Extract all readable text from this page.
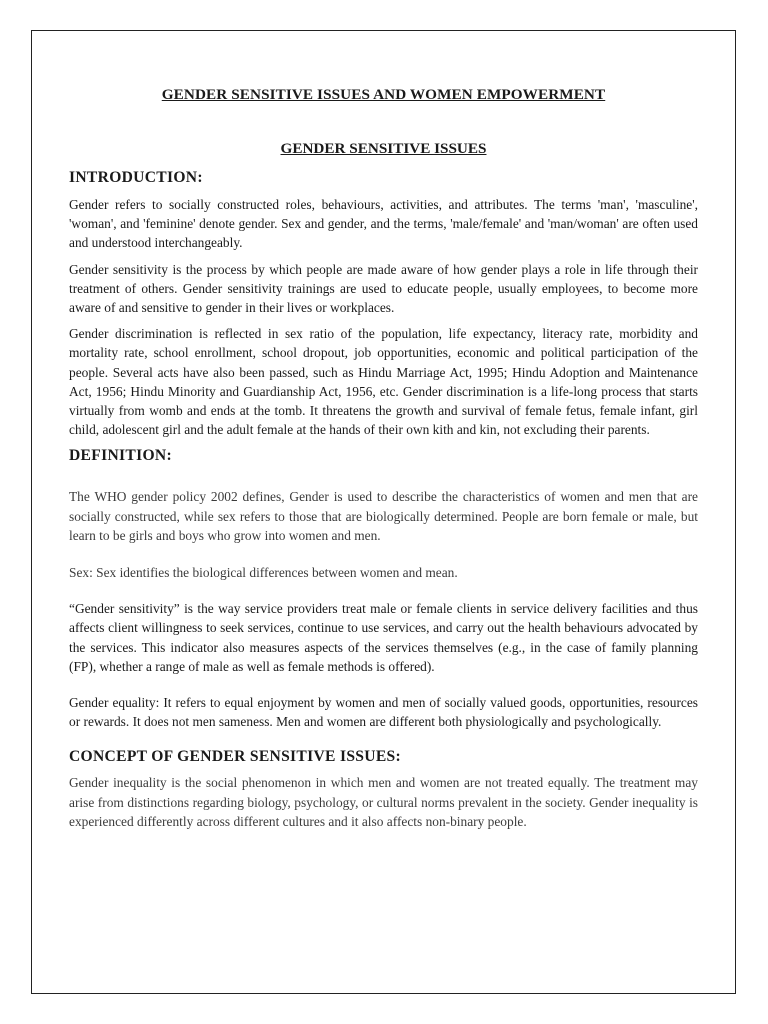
GENDER SENSITIVE ISSUES AND WOMEN EMPOWERMENT
GENDER SENSITIVE ISSUES
INTRODUCTION:

Gender refers to socially constructed roles, behaviours, activities, and attributes. The terms 'man', 'masculine', 'woman', and 'feminine' denote gender. Sex and gender, and the terms, 'male/female' and 'man/woman' are often used and understood interchangeably.

Gender sensitivity is the process by which people are made aware of how gender plays a role in life through their treatment of others. Gender sensitivity trainings are used to educate people, usually employees, to become more aware of and sensitive to gender in their lives or workplaces.

Gender discrimination is reflected in sex ratio of the population, life expectancy, literacy rate, morbidity and mortality rate, school enrollment, school dropout, job opportunities, economic and political participation of the people. Several acts have also been passed, such as Hindu Marriage Act, 1995; Hindu Adoption and Maintenance Act, 1956; Hindu Minority and Guardianship Act, 1956, etc. Gender discrimination is a life-long process that starts virtually from womb and ends at the tomb. It threatens the growth and survival of female fetus, female infant, girl child, adolescent girl and the adult female at the hands of their own kith and kin, not excluding their parents.

DEFINITION:

The WHO gender policy 2002 defines, Gender is used to describe the characteristics of women and men that are socially constructed, while sex refers to those that are biologically determined. People are born female or male, but learn to be girls and boys who grow into women and men.

Sex: Sex identifies the biological differences between women and mean.

“Gender sensitivity” is the way service providers treat male or female clients in service delivery facilities and thus affects client willingness to seek services, continue to use services, and carry out the health behaviours advocated by the services. This indicator also measures aspects of the services themselves (e.g., in the case of family planning (FP), whether a range of male as well as female methods is offered).

Gender equality: It refers to equal enjoyment by women and men of socially valued goods, opportunities, resources or rewards. It does not men sameness. Men and women are different both physiologically and psychologically.

CONCEPT OF GENDER SENSITIVE ISSUES:

Gender inequality is the social phenomenon in which men and women are not treated equally. The treatment may arise from distinctions regarding biology, psychology, or cultural norms prevalent in the society. Gender inequality is experienced differently across different cultures and it also affects non-binary people.
